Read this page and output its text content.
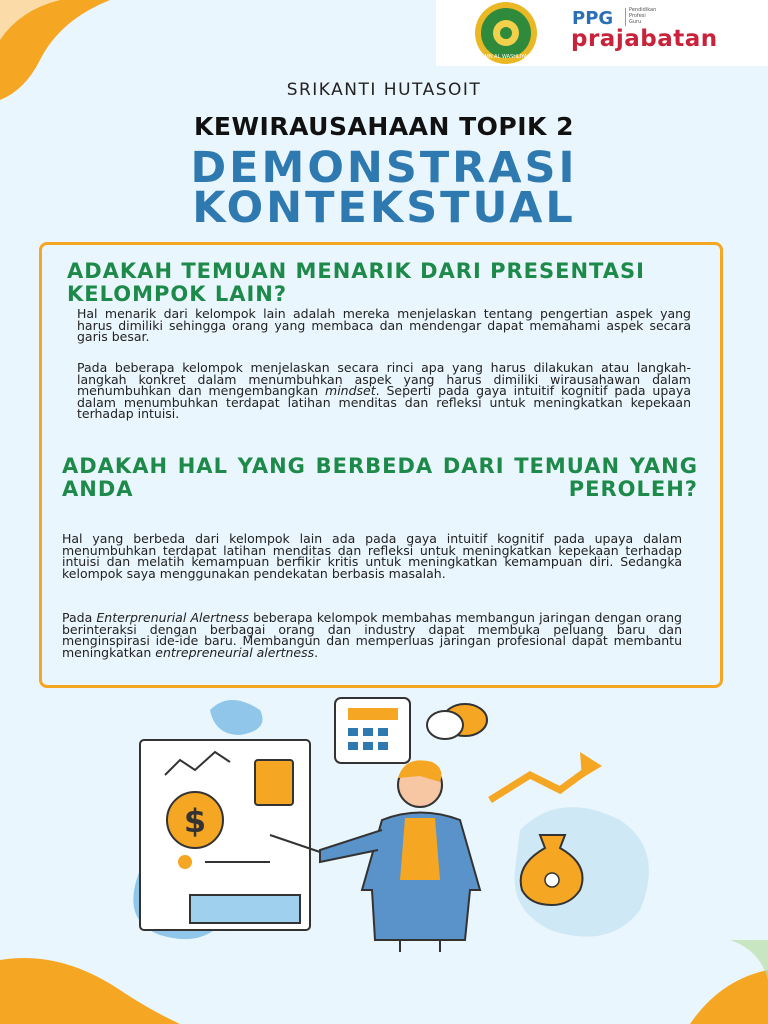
UMN AL WASHLIYAH
PPG	Pendidikan
Profesi
Guru
prajabatan
SRIKANTI HUTASOIT
KEWIRAUSAHAAN TOPIK 2
DEMONSTRASI
KONTEKSTUAL
ADAKAH TEMUAN MENARIK DARI PRESENTASI KELOMPOK LAIN?
Hal menarik dari kelompok lain adalah mereka menjelaskan tentang pengertian aspek yang harus dimiliki sehingga orang yang membaca dan mendengar dapat memahami aspek secara garis besar.
Pada beberapa kelompok menjelaskan secara rinci apa yang harus dilakukan atau langkah-langkah konkret dalam menumbuhkan aspek yang harus dimiliki wirausahawan dalam menumbuhkan dan mengembangkan mindset. Seperti pada gaya intuitif kognitif pada upaya dalam menumbuhkan terdapat latihan menditas dan refleksi untuk meningkatkan kepekaan terhadap intuisi.
ADAKAH HAL YANG BERBEDA DARI TEMUAN YANG ANDA PEROLEH?
Hal yang berbeda dari kelompok lain ada pada gaya intuitif kognitif pada upaya dalam menumbuhkan terdapat latihan menditas dan refleksi untuk meningkatkan kepekaan terhadap intuisi dan melatih kemampuan berfikir kritis untuk meningkatkan kemampuan diri. Sedangka kelompok saya menggunakan pendekatan berbasis masalah.
Pada Enterprenurial Alertness beberapa kelompok membahas membangun jaringan dengan orang berinteraksi dengan berbagai orang dan industry dapat membuka peluang baru dan menginspirasi ide-ide baru. Membangun dan memperluas jaringan profesional dapat membantu meningkatkan entrepreneurial alertness.
$
